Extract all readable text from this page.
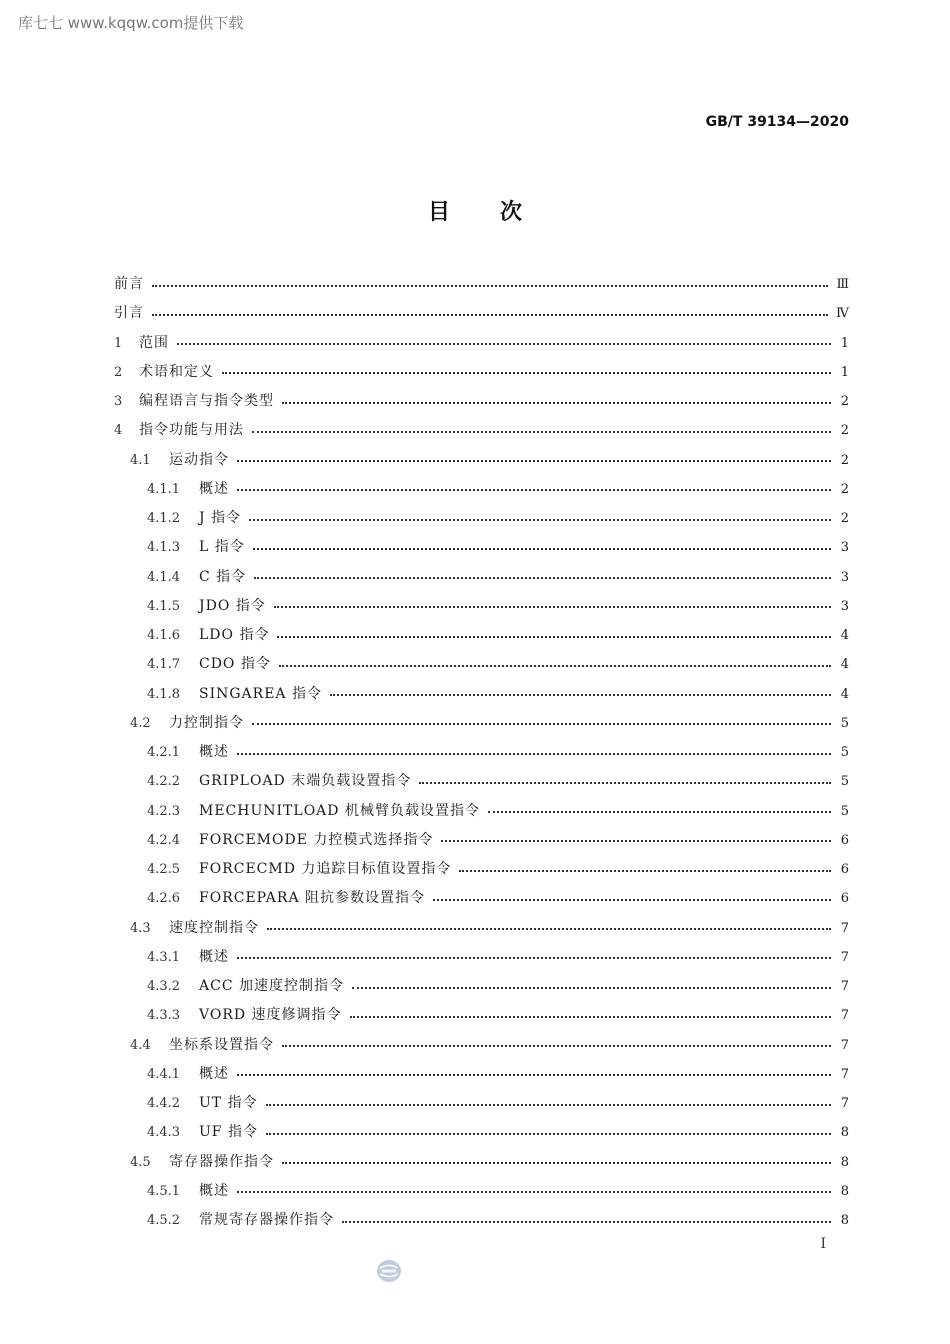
库七七 www.kqqw.com提供下载
GB/T 39134—2020
目次
前言	Ⅲ
引言	Ⅳ
1	范围	1
2	术语和定义	1
3	编程语言与指令类型	2
4	指令功能与用法	2
4.1	运动指令	2
4.1.1	概述	2
4.1.2	J 指令	2
4.1.3	L 指令	3
4.1.4	C 指令	3
4.1.5	JDO 指令	3
4.1.6	LDO 指令	4
4.1.7	CDO 指令	4
4.1.8	SINGAREA 指令	4
4.2	力控制指令	5
4.2.1	概述	5
4.2.2	GRIPLOAD 末端负载设置指令	5
4.2.3	MECHUNITLOAD 机械臂负载设置指令	5
4.2.4	FORCEMODE 力控模式选择指令	6
4.2.5	FORCECMD 力追踪目标值设置指令	6
4.2.6	FORCEPARA 阻抗参数设置指令	6
4.3	速度控制指令	7
4.3.1	概述	7
4.3.2	ACC 加速度控制指令	7
4.3.3	VORD 速度修调指令	7
4.4	坐标系设置指令	7
4.4.1	概述	7
4.4.2	UT 指令	7
4.4.3	UF 指令	8
4.5	寄存器操作指令	8
4.5.1	概述	8
4.5.2	常规寄存器操作指令	8
I
